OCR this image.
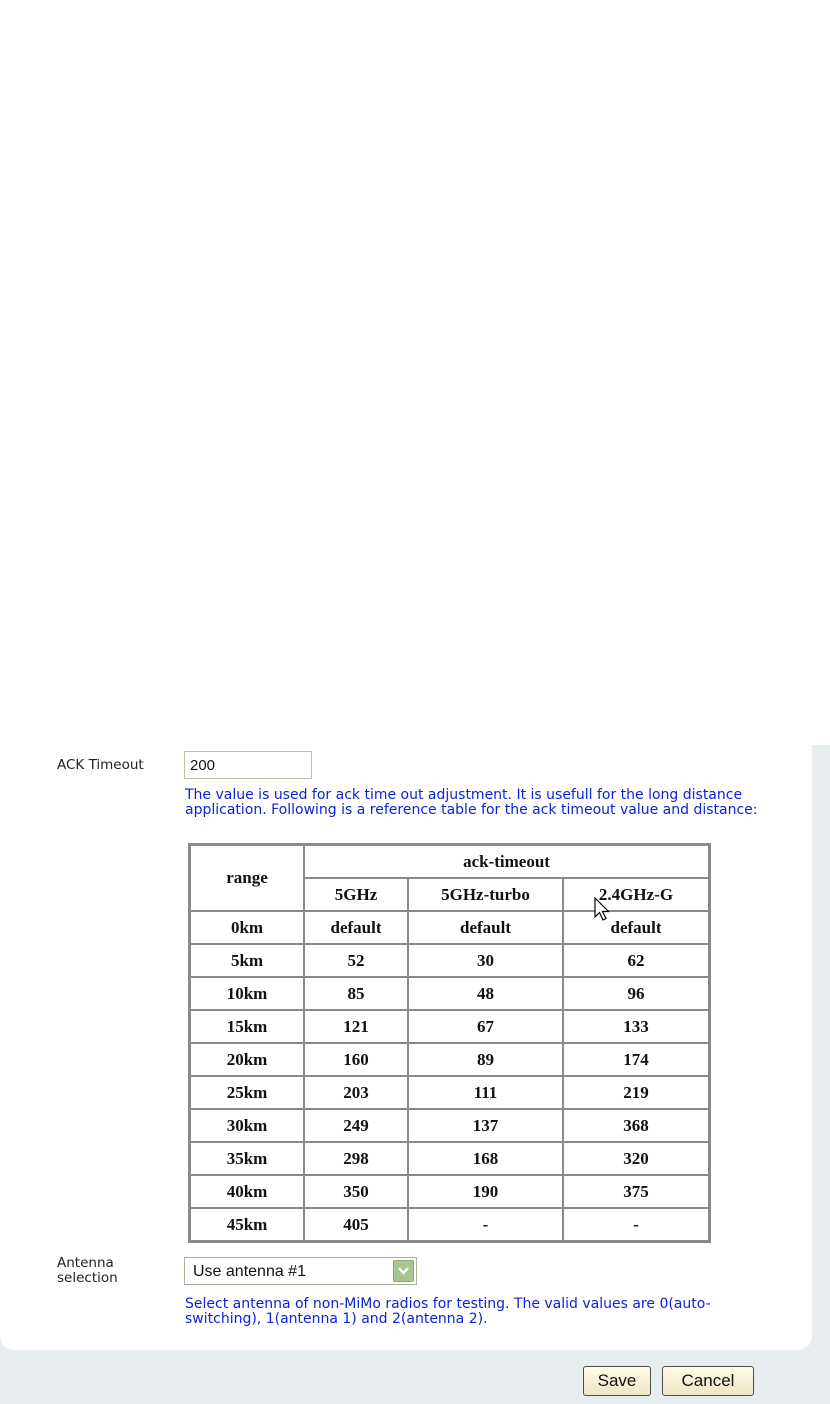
ACK Timeout
200
The value is used for ack time out adjustment. It is usefull for the long distance application. Following is a reference table for the ack timeout value and distance:
range	ack-timeout		
	5GHz	5GHz-turbo	2.4GHz-G
0km	default	default	default
5km	52	30	62
10km	85	48	96
15km	121	67	133
20km	160	89	174
25km	203	111	219
30km	249	137	368
35km	298	168	320
40km	350	190	375
45km	405	-	-
Antenna selection	Use antenna #1
Select antenna of non-MiMo radios for testing. The valid values are 0(auto-switching), 1(antenna 1) and 2(antenna 2).
Save	Cancel
